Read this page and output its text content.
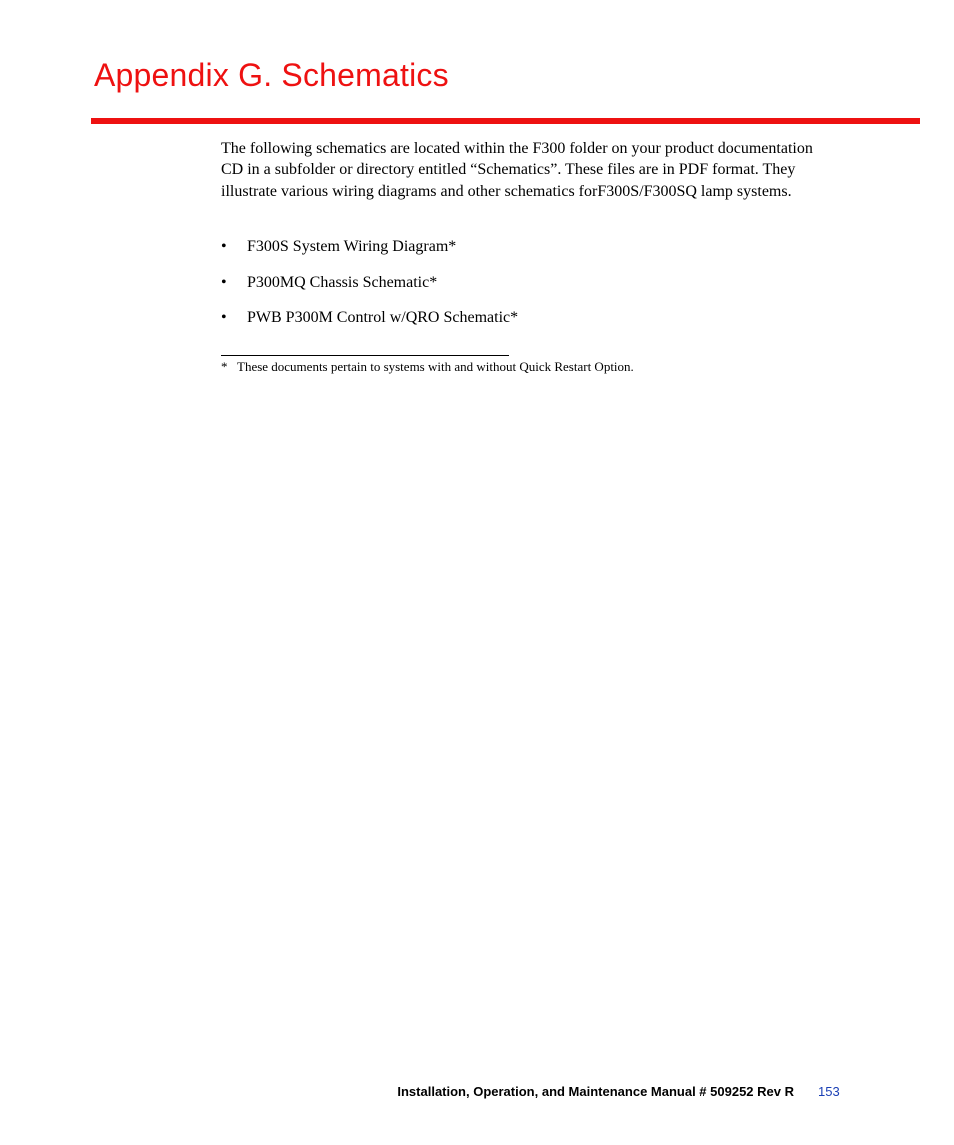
Appendix G. Schematics

The following schematics are located within the F300 folder on your product documentation CD in a subfolder or directory entitled “Schematics”. These files are in PDF format. They illustrate various wiring diagrams and other schematics forF300S/F300SQ lamp systems.

• F300S System Wiring Diagram*
• P300MQ Chassis Schematic*
• PWB P300M Control w/QRO Schematic*

* These documents pertain to systems with and without Quick Restart Option.

Installation, Operation, and Maintenance Manual # 509252 Rev R 153
